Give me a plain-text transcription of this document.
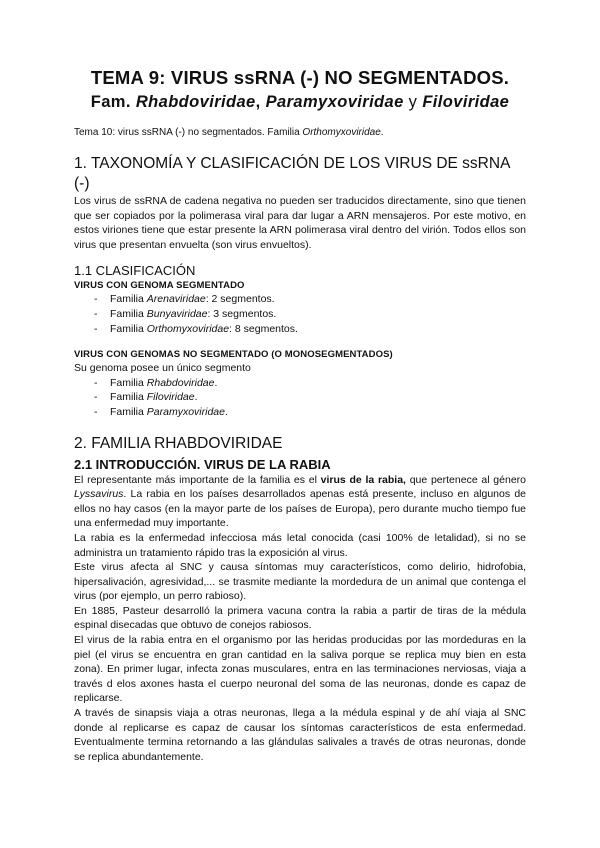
TEMA 9: VIRUS ssRNA (-) NO SEGMENTADOS.
Fam. Rhabdoviridae, Paramyxoviridae y Filoviridae
Tema 10: virus ssRNA (-) no segmentados. Familia Orthomyxoviridae.
1. TAXONOMÍA Y CLASIFICACIÓN DE LOS VIRUS DE ssRNA (-)

Los virus de ssRNA de cadena negativa no pueden ser traducidos directamente, sino que tienen que ser copiados por la polimerasa viral para dar lugar a ARN mensajeros. Por este motivo, en estos viriones tiene que estar presente la ARN polimerasa viral dentro del virión. Todos ellos son virus que presentan envuelta (son virus envueltos).

1.1 CLASIFICACIÓN
VIRUS CON GENOMA SEGMENTADO
- Familia Arenaviridae: 2 segmentos.
- Familia Bunyaviridae: 3 segmentos.
- Familia Orthomyxoviridae: 8 segmentos.
VIRUS CON GENOMAS NO SEGMENTADO (O MONOSEGMENTADOS)

Su genoma posee un único segmento

- Familia Rhabdoviridae.
- Familia Filoviridae.
- Familia Paramyxoviridae.
2. FAMILIA RHABDOVIRIDAE
2.1 INTRODUCCIÓN. VIRUS DE LA RABIA

El representante más importante de la familia es el virus de la rabia, que pertenece al género Lyssavirus. La rabia en los países desarrollados apenas está presente, incluso en algunos de ellos no hay casos (en la mayor parte de los países de Europa), pero durante mucho tiempo fue una enfermedad muy importante.

La rabia es la enfermedad infecciosa más letal conocida (casi 100% de letalidad), si no se administra un tratamiento rápido tras la exposición al virus.

Este virus afecta al SNC y causa síntomas muy característicos, como delirio, hidrofobia, hipersalivación, agresividad,... se trasmite mediante la mordedura de un animal que contenga el virus (por ejemplo, un perro rabioso).

En 1885, Pasteur desarrolló la primera vacuna contra la rabia a partir de tiras de la médula espinal disecadas que obtuvo de conejos rabiosos.

El virus de la rabia entra en el organismo por las heridas producidas por las mordeduras en la piel (el virus se encuentra en gran cantidad en la saliva porque se replica muy bien en esta zona). En primer lugar, infecta zonas musculares, entra en las terminaciones nerviosas, viaja a través d elos axones hasta el cuerpo neuronal del soma de las neuronas, donde es capaz de replicarse.

A través de sinapsis viaja a otras neuronas, llega a la médula espinal y de ahí viaja al SNC donde al replicarse es capaz de causar los síntomas característicos de esta enfermedad. Eventualmente termina retornando a las glándulas salivales a través de otras neuronas, donde se replica abundantemente.
